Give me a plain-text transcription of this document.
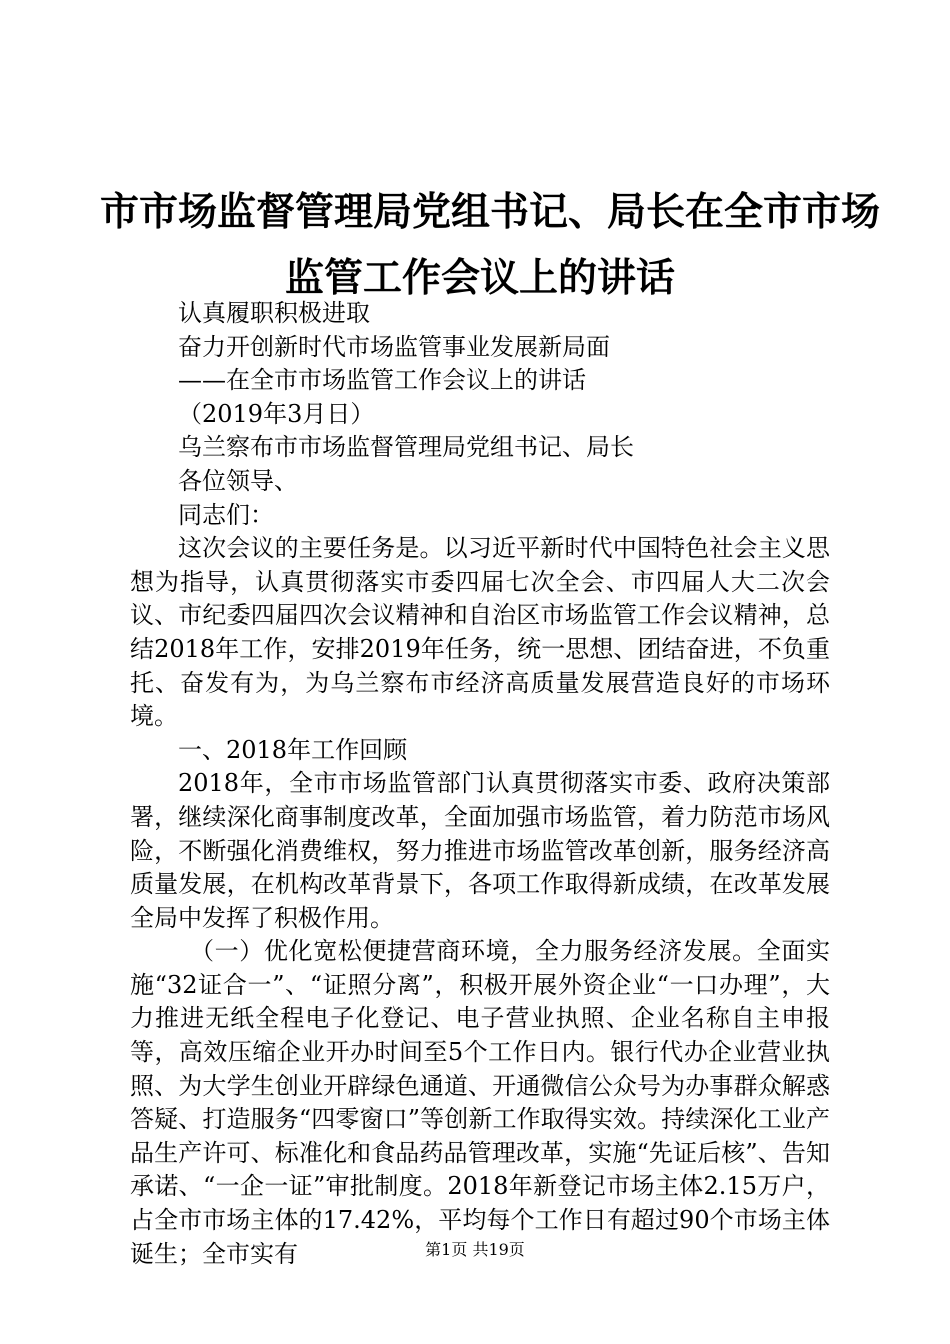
市市场监督管理局党组书记、局长在全市市场
监管工作会议上的讲话

认真履职积极进取

奋力开创新时代市场监管事业发展新局面

——在全市市场监管工作会议上的讲话

（2019年3月日）

乌兰察布市市场监督管理局党组书记、局长

各位领导、

同志们：

这次会议的主要任务是。以习近平新时代中国特色社会主义思想为指导，认真贯彻落实市委四届七次全会、市四届人大二次会议、市纪委四届四次会议精神和自治区市场监管工作会议精神，总结2018年工作，安排2019年任务，统一思想、团结奋进，不负重托、奋发有为，为乌兰察布市经济高质量发展营造良好的市场环境。

一、2018年工作回顾

2018年，全市市场监管部门认真贯彻落实市委、政府决策部署，继续深化商事制度改革，全面加强市场监管，着力防范市场风险，不断强化消费维权，努力推进市场监管改革创新，服务经济高质量发展，在机构改革背景下，各项工作取得新成绩，在改革发展全局中发挥了积极作用。

（一）优化宽松便捷营商环境，全力服务经济发展。全面实施“32证合一”、“证照分离”，积极开展外资企业“一口办理”，大力推进无纸全程电子化登记、电子营业执照、企业名称自主申报等，高效压缩企业开办时间至5个工作日内。银行代办企业营业执照、为大学生创业开辟绿色通道、开通微信公众号为办事群众解惑答疑、打造服务“四零窗口”等创新工作取得实效。持续深化工业产品生产许可、标准化和食品药品管理改革，实施“先证后核”、告知承诺、“一企一证”审批制度。2018年新登记市场主体2.15万户，占全市市场主体的17.42%，平均每个工作日有超过90个市场主体诞生；全市实有	第1页 共19页
